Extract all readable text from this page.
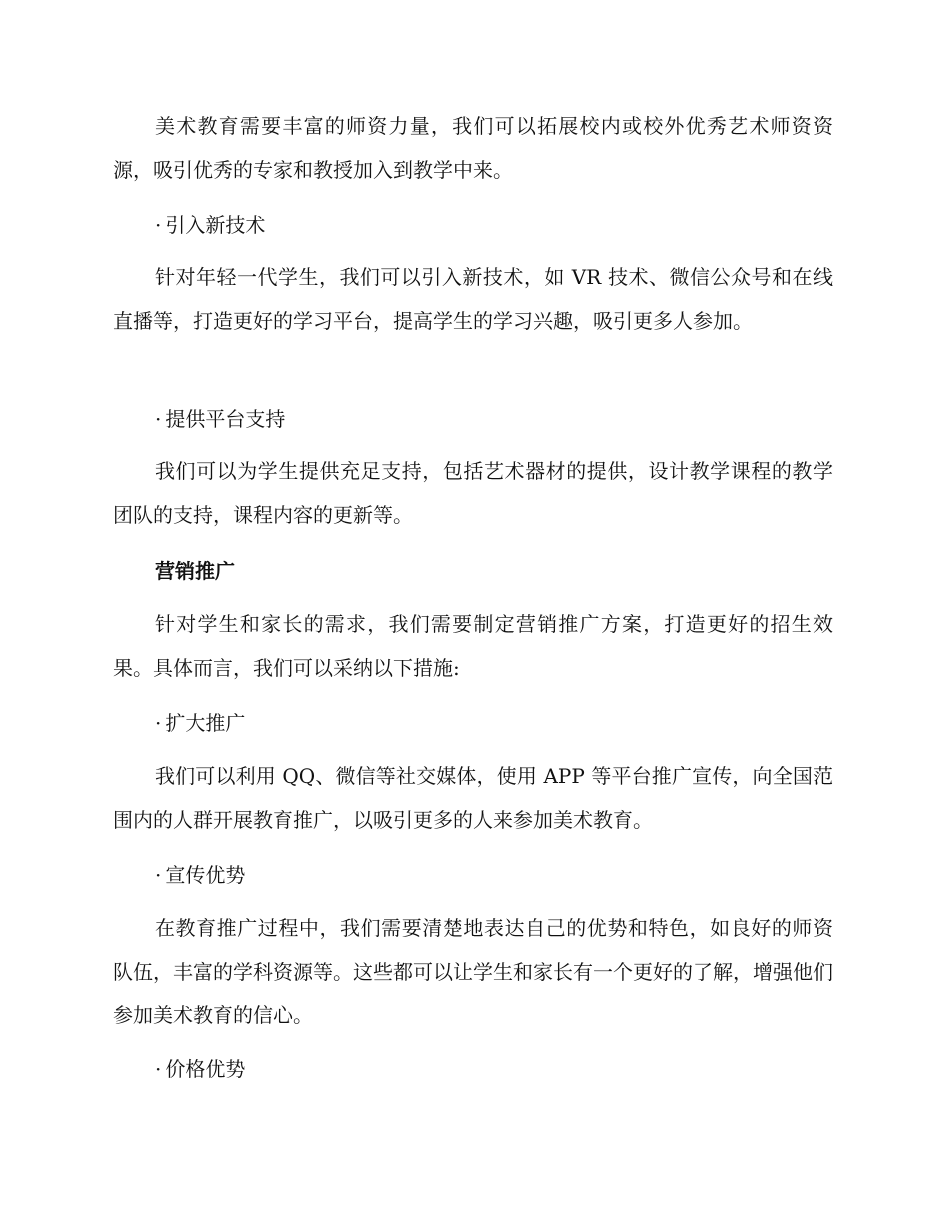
美术教育需要丰富的师资力量，我们可以拓展校内或校外优秀艺术师资资源，吸引优秀的专家和教授加入到教学中来。

· 引入新技术

针对年轻一代学生，我们可以引入新技术，如 VR 技术、微信公众号和在线直播等，打造更好的学习平台，提高学生的学习兴趣，吸引更多人参加。

· 提供平台支持

我们可以为学生提供充足支持，包括艺术器材的提供，设计教学课程的教学团队的支持，课程内容的更新等。

营销推广

针对学生和家长的需求，我们需要制定营销推广方案，打造更好的招生效果。具体而言，我们可以采纳以下措施:

· 扩大推广

我们可以利用 QQ、微信等社交媒体，使用 APP 等平台推广宣传，向全国范围内的人群开展教育推广，以吸引更多的人来参加美术教育。

· 宣传优势

在教育推广过程中，我们需要清楚地表达自己的优势和特色，如良好的师资队伍，丰富的学科资源等。这些都可以让学生和家长有一个更好的了解，增强他们参加美术教育的信心。

· 价格优势
